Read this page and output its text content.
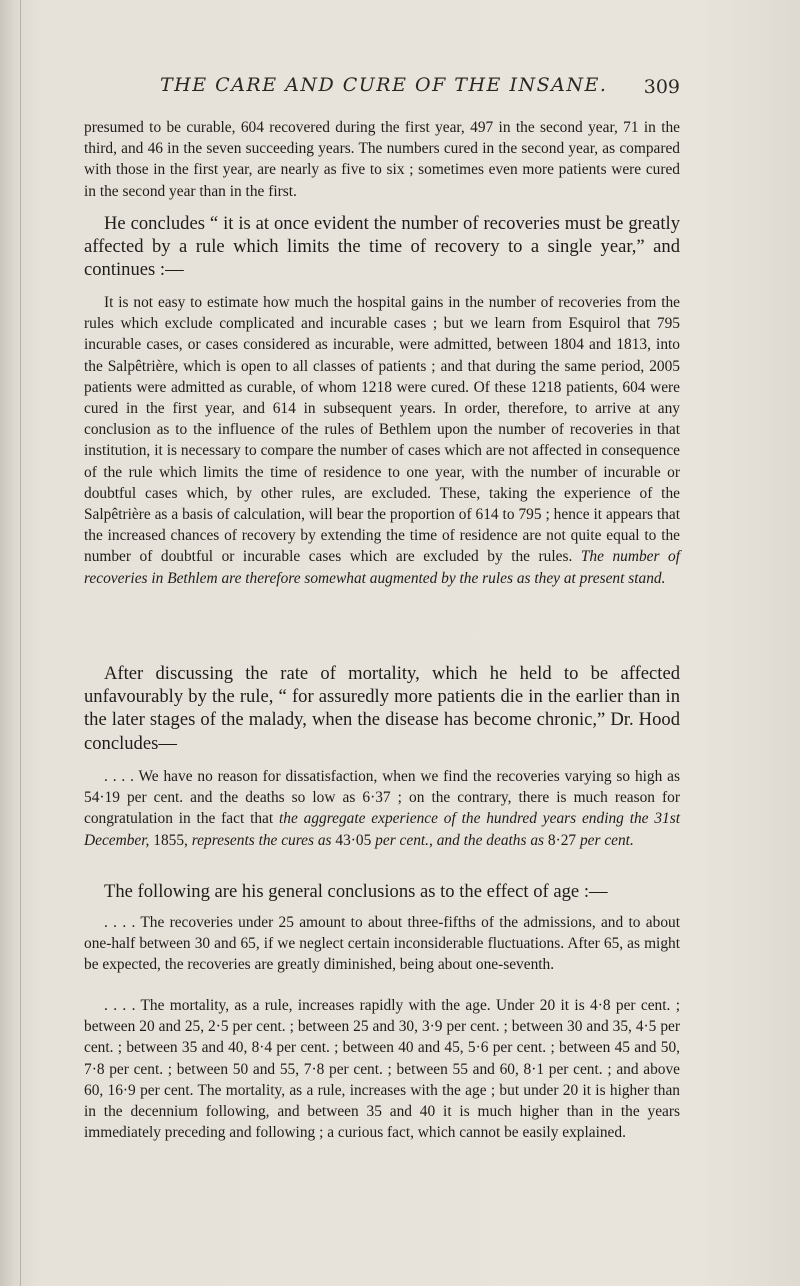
THE CARE AND CURE OF THE INSANE. 309

presumed to be curable, 604 recovered during the first year, 497 in the second year, 71 in the third, and 46 in the seven succeeding years. The numbers cured in the second year, as compared with those in the first year, are nearly as five to six ; sometimes even more patients were cured in the second year than in the first.

He concludes “ it is at once evident the number of recoveries must be greatly affected by a rule which limits the time of recovery to a single year,” and continues :—

It is not easy to estimate how much the hospital gains in the number of recoveries from the rules which exclude complicated and incurable cases ; but we learn from Esquirol that 795 incurable cases, or cases considered as incurable, were admitted, between 1804 and 1813, into the Salpêtrière, which is open to all classes of patients ; and that during the same period, 2005 patients were admitted as curable, of whom 1218 were cured. Of these 1218 patients, 604 were cured in the first year, and 614 in subsequent years. In order, therefore, to arrive at any conclusion as to the influence of the rules of Bethlem upon the number of recoveries in that institution, it is necessary to compare the number of cases which are not affected in consequence of the rule which limits the time of residence to one year, with the number of incurable or doubtful cases which, by other rules, are excluded. These, taking the experience of the Salpêtrière as a basis of calculation, will bear the proportion of 614 to 795 ; hence it appears that the increased chances of recovery by extending the time of residence are not quite equal to the number of doubtful or incurable cases which are excluded by the rules. The number of recoveries in Bethlem are therefore somewhat augmented by the rules as they at present stand.

After discussing the rate of mortality, which he held to be affected unfavourably by the rule, “ for assuredly more patients die in the earlier than in the later stages of the malady, when the disease has become chronic,” Dr. Hood concludes—

. . . . We have no reason for dissatisfaction, when we find the recoveries varying so high as 54·19 per cent. and the deaths so low as 6·37 ; on the contrary, there is much reason for congratulation in the fact that the aggregate experience of the hundred years ending the 31st December, 1855, represents the cures as 43·05 per cent., and the deaths as 8·27 per cent.

The following are his general conclusions as to the effect of age :—

. . . . The recoveries under 25 amount to about three-fifths of the admissions, and to about one-half between 30 and 65, if we neglect certain inconsiderable fluctuations. After 65, as might be expected, the recoveries are greatly diminished, being about one-seventh.

. . . . The mortality, as a rule, increases rapidly with the age. Under 20 it is 4·8 per cent. ; between 20 and 25, 2·5 per cent. ; between 25 and 30, 3·9 per cent. ; between 30 and 35, 4·5 per cent. ; between 35 and 40, 8·4 per cent. ; between 40 and 45, 5·6 per cent. ; between 45 and 50, 7·8 per cent. ; between 50 and 55, 7·8 per cent. ; between 55 and 60, 8·1 per cent. ; and above 60, 16·9 per cent. The mortality, as a rule, increases with the age ; but under 20 it is higher than in the decennium following, and between 35 and 40 it is much higher than in the years immediately preceding and following ; a curious fact, which cannot be easily explained.
